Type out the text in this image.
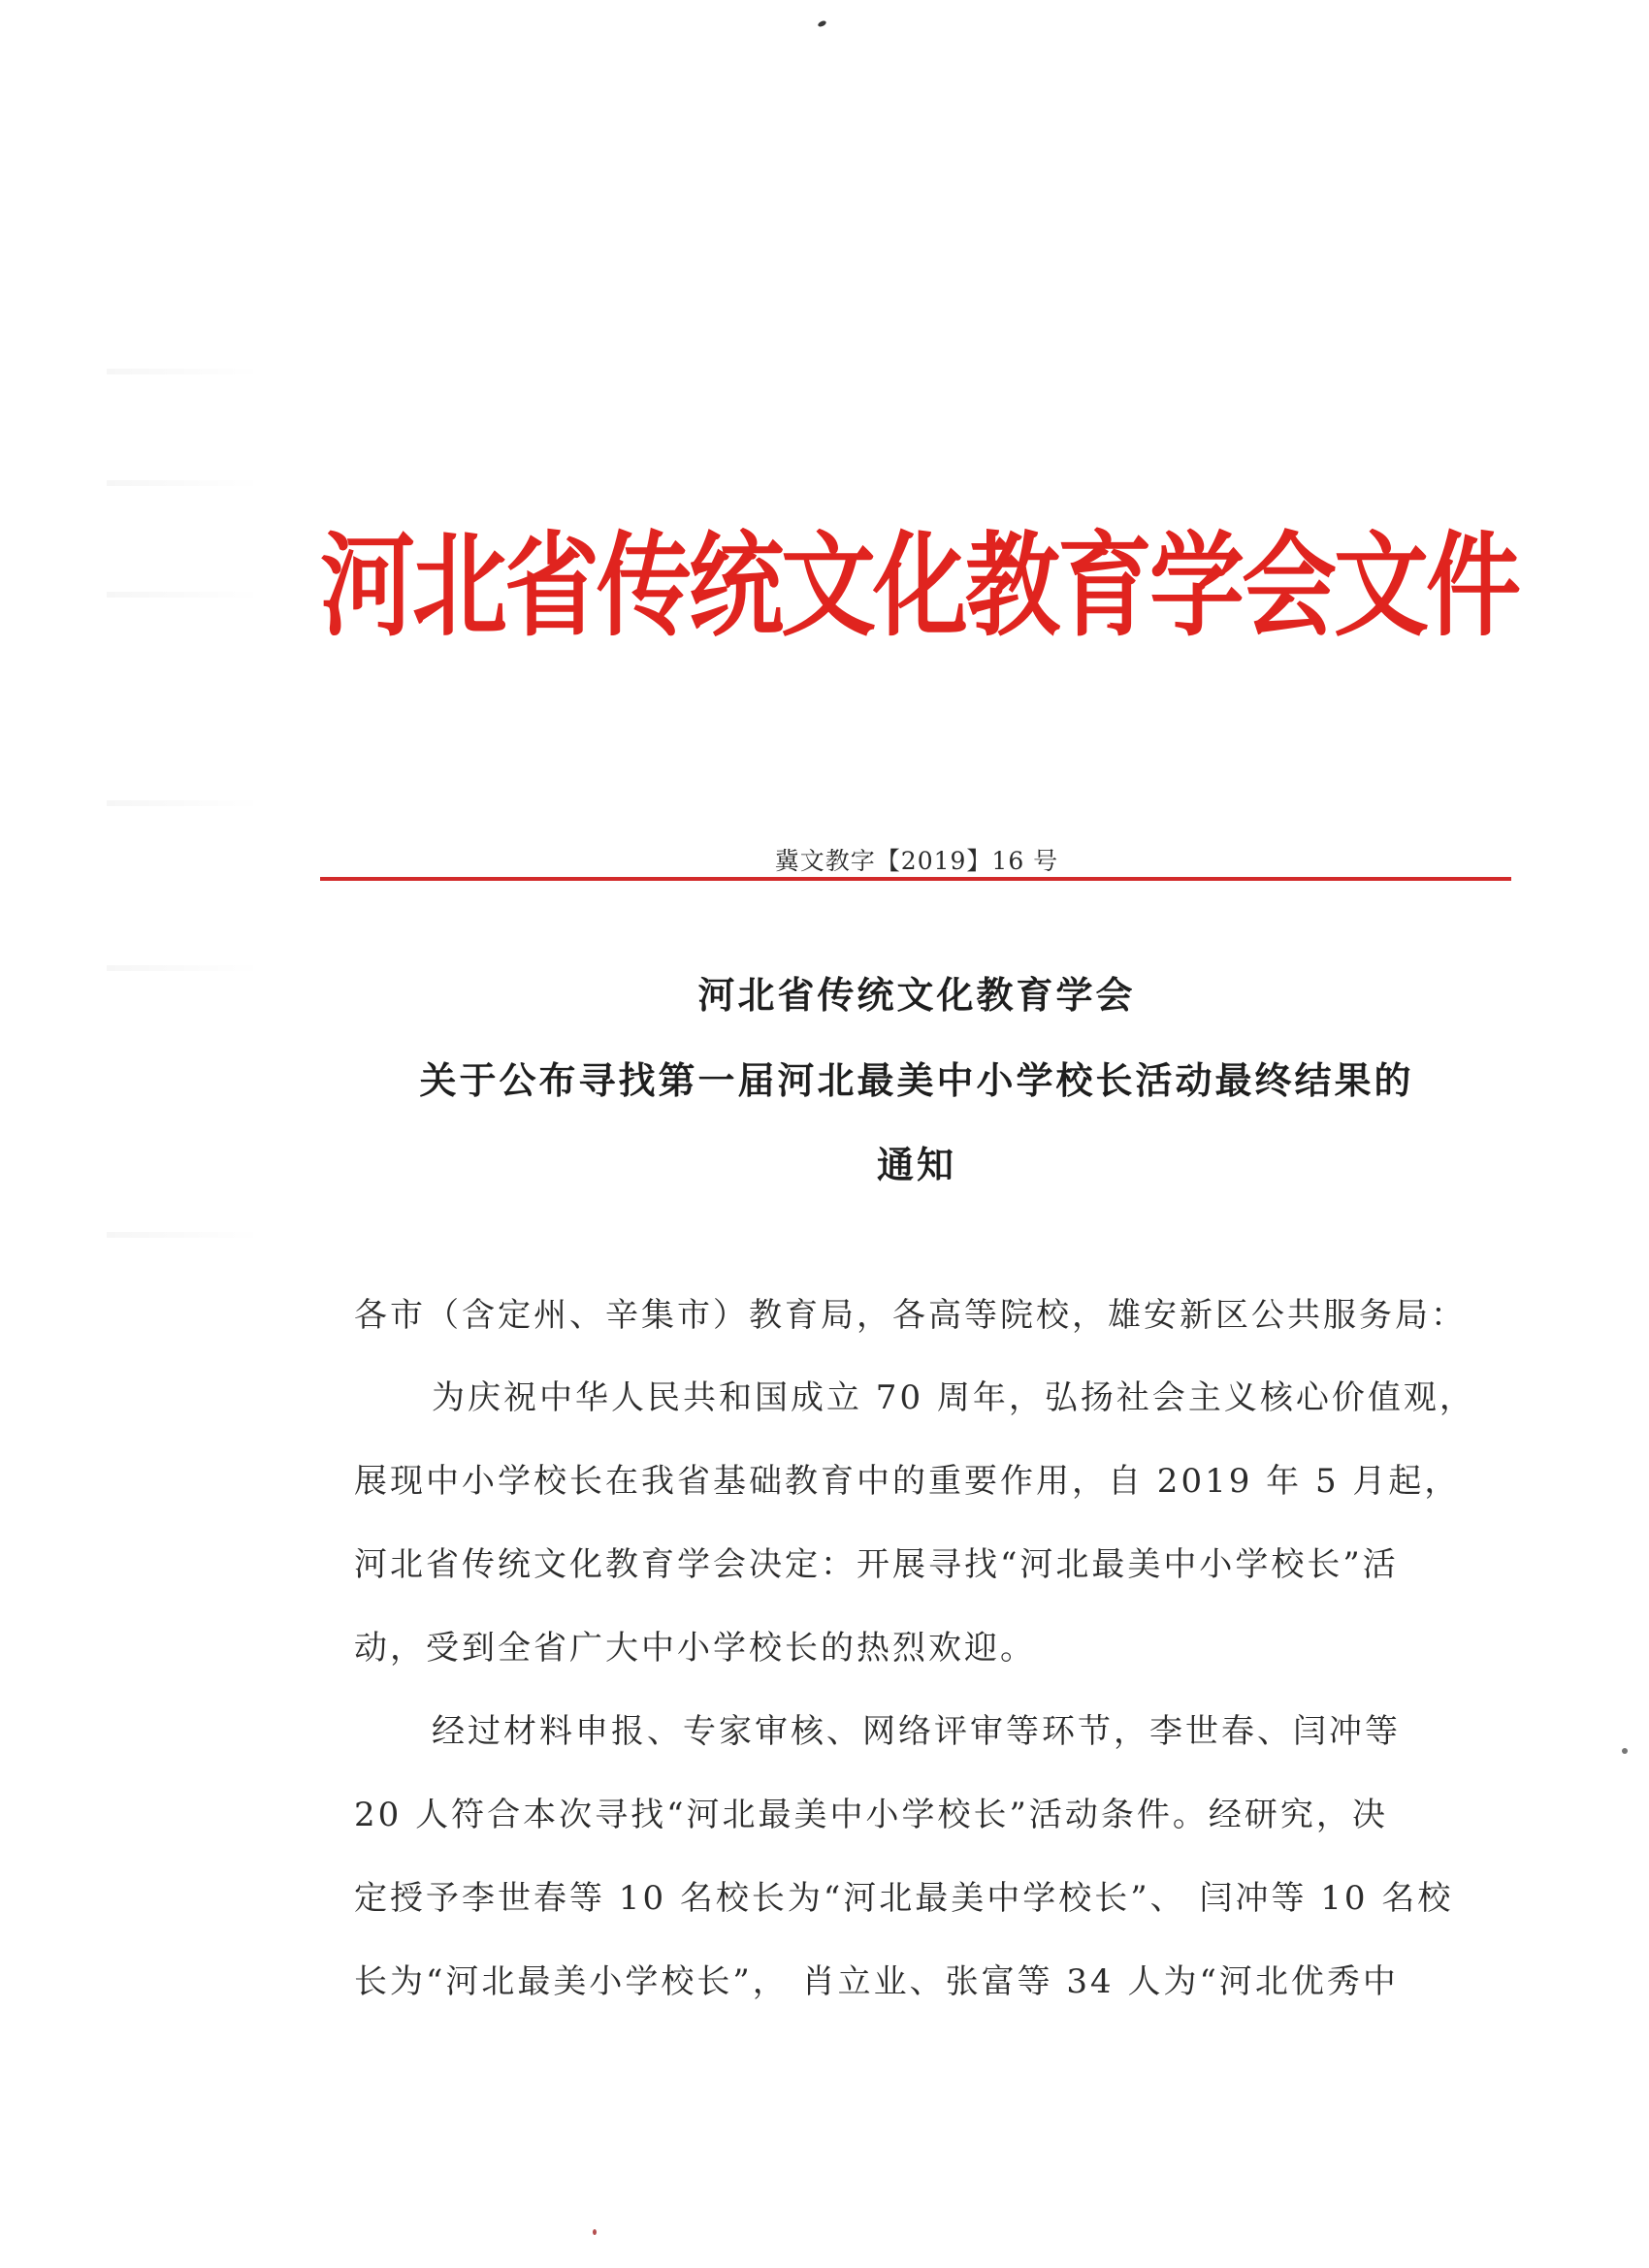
河北省传统文化教育学会文件
冀文教字【2019】16 号
河北省传统文化教育学会
关于公布寻找第一届河北最美中小学校长活动最终结果的
通知
各市（含定州、辛集市）教育局，各高等院校，雄安新区公共服务局：
为庆祝中华人民共和国成立 70 周年，弘扬社会主义核心价值观，
展现中小学校长在我省基础教育中的重要作用，自 2019 年 5 月起，
河北省传统文化教育学会决定：开展寻找“河北最美中小学校长”活
动，受到全省广大中小学校长的热烈欢迎。
经过材料申报、专家审核、网络评审等环节，李世春、闫冲等
20 人符合本次寻找“河北最美中小学校长”活动条件。经研究，决
定授予李世春等 10 名校长为“河北最美中学校长”、 闫冲等 10 名校
长为“河北最美小学校长”， 肖立业、张富等 34 人为“河北优秀中
